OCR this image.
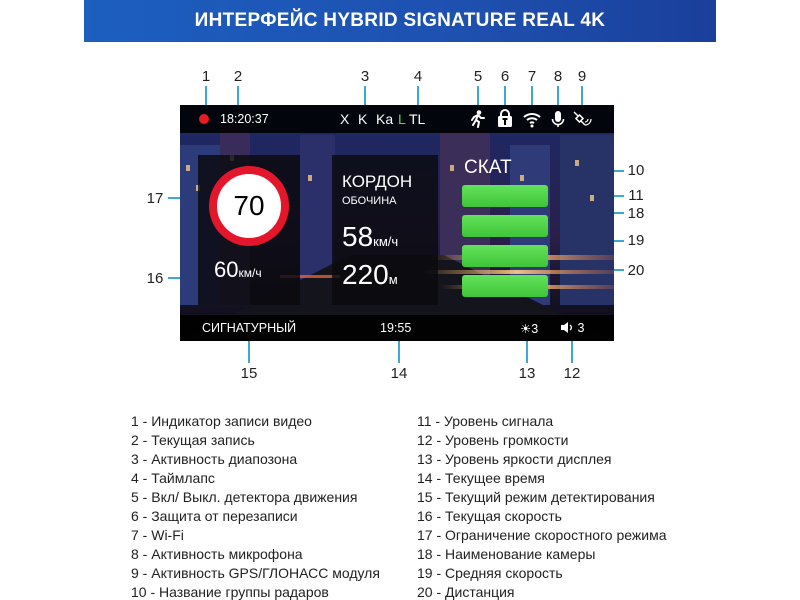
ИНТЕРФЕЙС HYBRID SIGNATURE REAL 4K
1	2	3	4	5	6	7	8	9
10
11
18
19
20
17
16
15	14	13 12
18:20:37	X K Ka L TL
70
60км/ч
КОРДОН
ОБОЧИНА
58км/ч
220м
СКАТ
СИГНАТУРНЫЙ	19:55	☀3	3
1 - Индикатор записи видео
2 - Текущая запись
3 - Активность диапозона
4 - Таймлапс
5 - Вкл/ Выкл. детектора движения
6 - Защита от перезаписи
7 - Wi-Fi
8 - Активность микрофона
9 - Активность GPS/ГЛОНАСС модуля
10 - Название группы радаров
11 - Уровень сигнала
12 - Уровень громкости
13 - Уровень яркости дисплея
14 - Текущее время
15 - Текущий режим детектирования
16 - Текущая скорость
17 - Ограничение скоростного режима
18 - Наименование камеры
19 - Средняя скорость
20 - Дистанция
